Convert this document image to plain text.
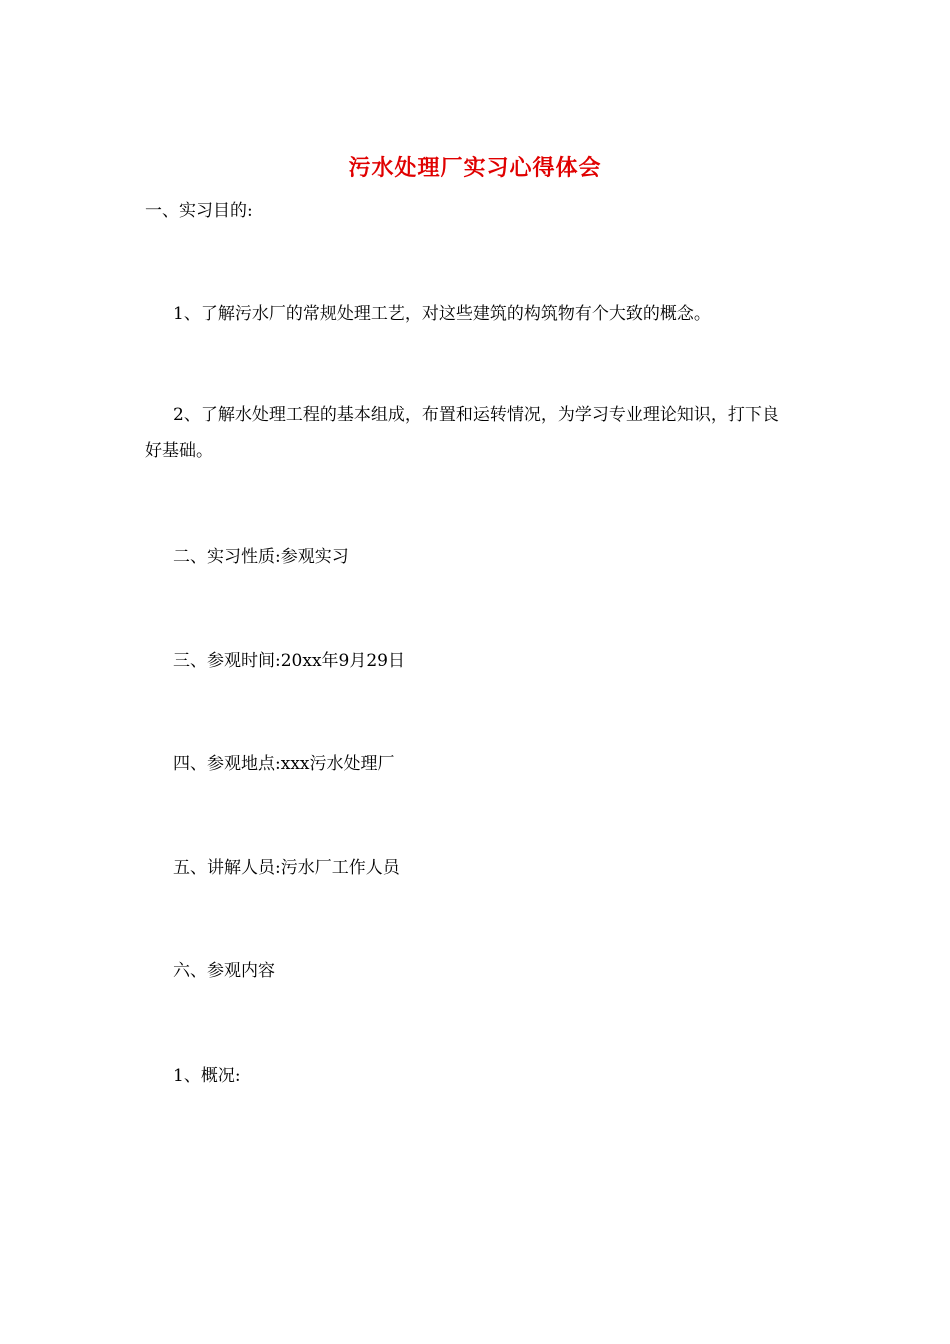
污水处理厂实习心得体会
一、实习目的:
1、了解污水厂的常规处理工艺，对这些建筑的构筑物有个大致的概念。
2、了解水处理工程的基本组成，布置和运转情况，为学习专业理论知识，打下良好基础。
二、实习性质:参观实习
三、参观时间:20xx年9月29日
四、参观地点:xxx污水处理厂
五、讲解人员:污水厂工作人员
六、参观内容
1、概况:
